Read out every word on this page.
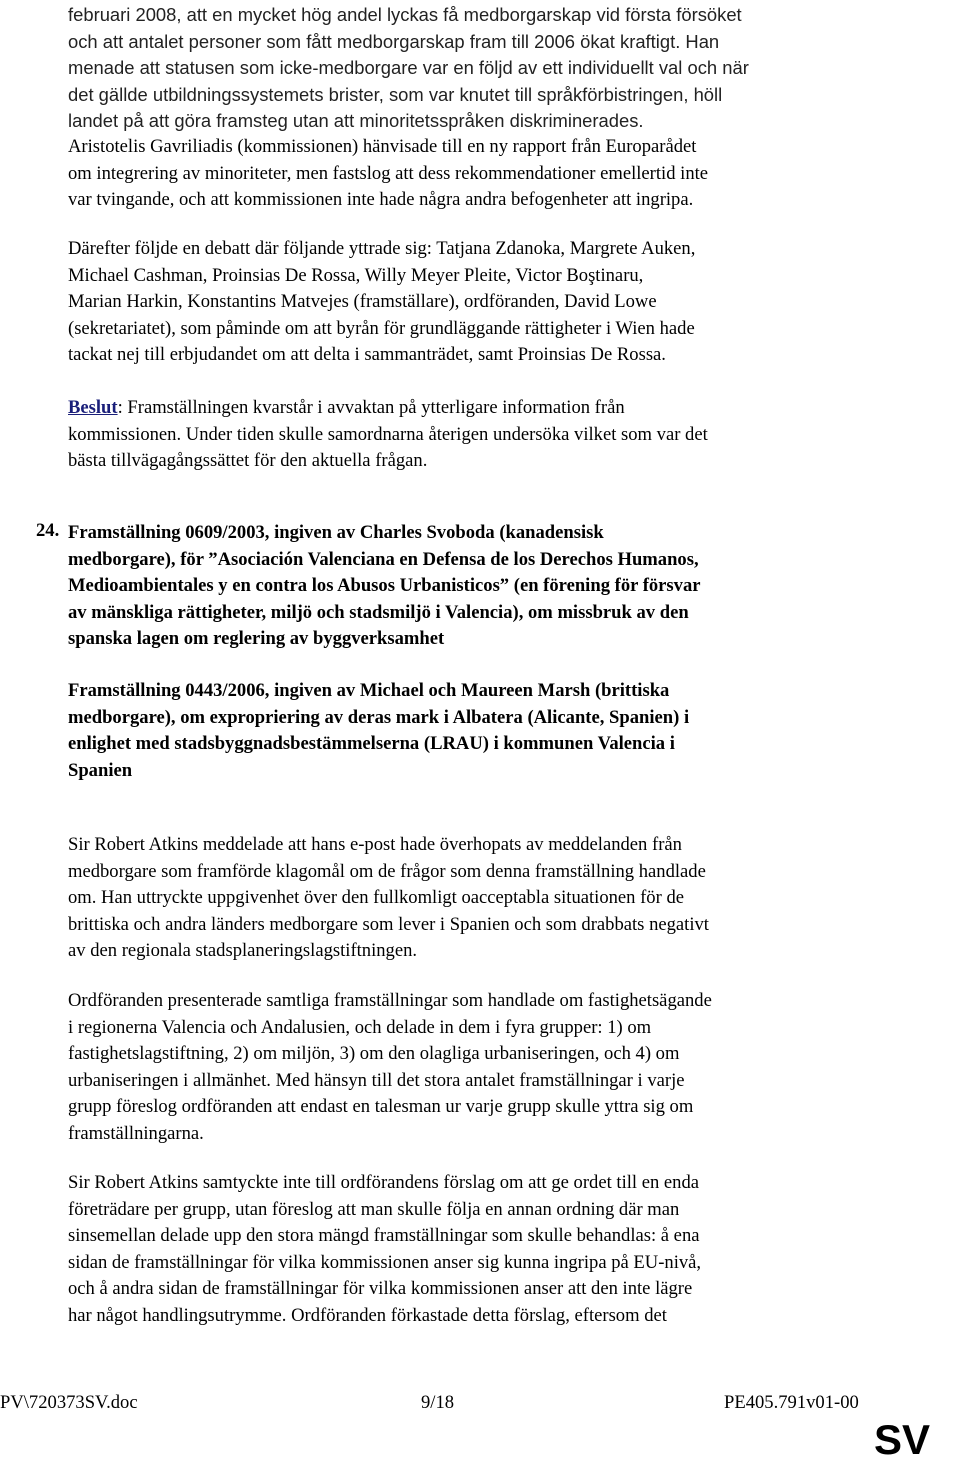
februari 2008, att en mycket hög andel lyckas få medborgarskap vid första försöket
och att antalet personer som fått medborgarskap fram till 2006 ökat kraftigt. Han
menade att statusen som icke-medborgare var en följd av ett individuellt val och när
det gällde utbildningssystemets brister, som var knutet till språkförbistringen, höll
landet på att göra framsteg utan att minoritetsspråken diskriminerades.

Aristotelis Gavriliadis (kommissionen) hänvisade till en ny rapport från Europarådet
om integrering av minoriteter, men fastslog att dess rekommendationer emellertid inte
var tvingande, och att kommissionen inte hade några andra befogenheter att ingripa.

Därefter följde en debatt där följande yttrade sig: Tatjana Zdanoka, Margrete Auken,
Michael Cashman, Proinsias De Rossa, Willy Meyer Pleite, Victor Boştinaru,
Marian Harkin, Konstantins Matvejes (framställare), ordföranden, David Lowe
(sekretariatet), som påminde om att byrån för grundläggande rättigheter i Wien hade
tackat nej till erbjudandet om att delta i sammanträdet, samt Proinsias De Rossa.

Beslut: Framställningen kvarstår i avvaktan på ytterligare information från
kommissionen. Under tiden skulle samordnarna återigen undersöka vilket som var det
bästa tillvägagångssättet för den aktuella frågan.

24. Framställning 0609/2003, ingiven av Charles Svoboda (kanadensisk
medborgare), för ”Asociación Valenciana en Defensa de los Derechos Humanos,
Medioambientales y en contra los Abusos Urbanisticos” (en förening för försvar
av mänskliga rättigheter, miljö och stadsmiljö i Valencia), om missbruk av den
spanska lagen om reglering av byggverksamhet

Framställning 0443/2006, ingiven av Michael och Maureen Marsh (brittiska
medborgare), om expropriering av deras mark i Albatera (Alicante, Spanien) i
enlighet med stadsbyggnadsbestämmelserna (LRAU) i kommunen Valencia i
Spanien

Sir Robert Atkins meddelade att hans e-post hade överhopats av meddelanden från
medborgare som framförde klagomål om de frågor som denna framställning handlade
om. Han uttryckte uppgivenhet över den fullkomligt oacceptabla situationen för de
brittiska och andra länders medborgare som lever i Spanien och som drabbats negativt
av den regionala stadsplaneringslagstiftningen.

Ordföranden presenterade samtliga framställningar som handlade om fastighetsägande
i regionerna Valencia och Andalusien, och delade in dem i fyra grupper: 1) om
fastighetslagstiftning, 2) om miljön, 3) om den olagliga urbaniseringen, och 4) om
urbaniseringen i allmänhet. Med hänsyn till det stora antalet framställningar i varje
grupp föreslog ordföranden att endast en talesman ur varje grupp skulle yttra sig om
framställningarna.

Sir Robert Atkins samtyckte inte till ordförandens förslag om att ge ordet till en enda
företrädare per grupp, utan föreslog att man skulle följa en annan ordning där man
sinsemellan delade upp den stora mängd framställningar som skulle behandlas: å ena
sidan de framställningar för vilka kommissionen anser sig kunna ingripa på EU-nivå,
och å andra sidan de framställningar för vilka kommissionen anser att den inte lägre
har något handlingsutrymme. Ordföranden förkastade detta förslag, eftersom det

PV\720373SV.doc	9/18	PE405.791v01-00
SV
